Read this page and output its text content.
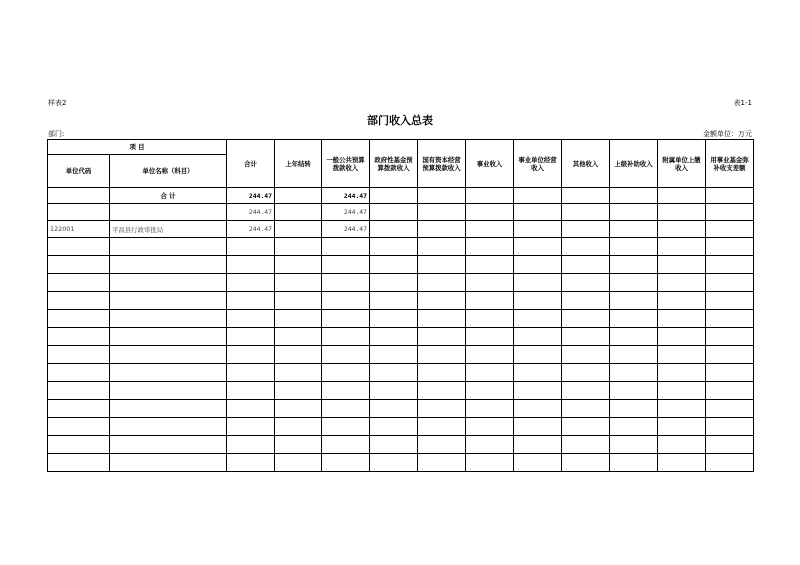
样表2	表1-1
部门收入总表
部门:	金额单位：万元
项 目		合计	上年结转	一般公共预算拨款收入	政府性基金预算拨款收入	国有资本经营预算拨款收入	事业收入	事业单位经营收入	其他收入	上级补助收入	附属单位上缴收入	用事业基金弥补收支差额
单位代码	单位名称（科目）											
	合 计	244.47		244.47								
		244.47		244.47								
122001	平昌县行政审批局	244.47		244.47								
